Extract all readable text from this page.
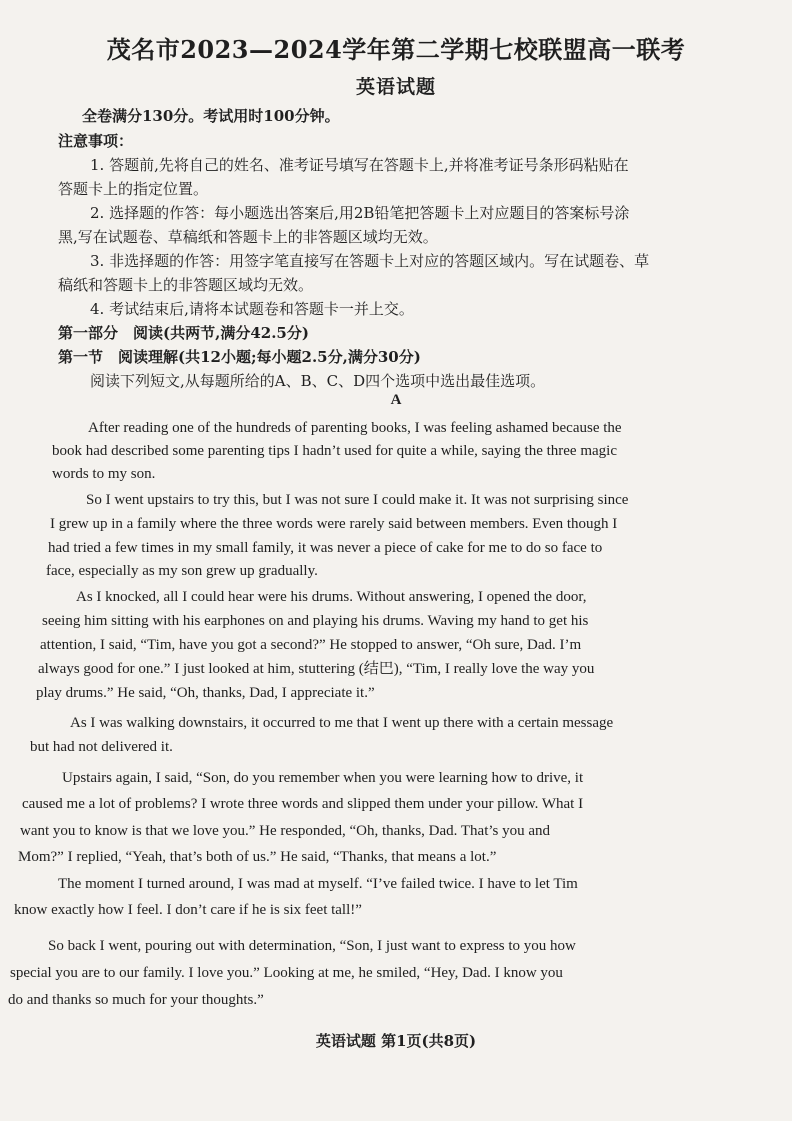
茂名市2023—2024学年第二学期七校联盟高一联考
英语试题
全卷满分130分。考试用时100分钟。
注意事项：
1. 答题前,先将自己的姓名、准考证号填写在答题卡上,并将准考证号条形码粘贴在
答题卡上的指定位置。
2. 选择题的作答：每小题选出答案后,用2B铅笔把答题卡上对应题目的答案标号涂
黑,写在试题卷、草稿纸和答题卡上的非答题区域均无效。
3. 非选择题的作答：用签字笔直接写在答题卡上对应的答题区域内。写在试题卷、草
稿纸和答题卡上的非答题区域均无效。
4. 考试结束后,请将本试题卷和答题卡一并上交。
第一部分　阅读(共两节,满分42.5分)
第一节　阅读理解(共12小题;每小题2.5分,满分30分)
阅读下列短文,从每题所给的A、B、C、D四个选项中选出最佳选项。
A
After reading one of the hundreds of parenting books, I was feeling ashamed because the
book had described some parenting tips I hadn’t used for quite a while, saying the three magic
words to my son.
So I went upstairs to try this, but I was not sure I could make it. It was not surprising since
I grew up in a family where the three words were rarely said between members. Even though I
had tried a few times in my small family, it was never a piece of cake for me to do so face to
face, especially as my son grew up gradually.
As I knocked, all I could hear were his drums. Without answering, I opened the door,
seeing him sitting with his earphones on and playing his drums. Waving my hand to get his
attention, I said, “Tim, have you got a second?” He stopped to answer, “Oh sure, Dad. I’m
always good for one.” I just looked at him, stuttering (结巴), “Tim, I really love the way you
play drums.” He said, “Oh, thanks, Dad, I appreciate it.”
As I was walking downstairs, it occurred to me that I went up there with a certain message
but had not delivered it.
Upstairs again, I said, “Son, do you remember when you were learning how to drive, it
caused me a lot of problems? I wrote three words and slipped them under your pillow. What I
want you to know is that we love you.” He responded, “Oh, thanks, Dad. That’s you and
Mom?” I replied, “Yeah, that’s both of us.” He said, “Thanks, that means a lot.”
The moment I turned around, I was mad at myself. “I’ve failed twice. I have to let Tim
know exactly how I feel. I don’t care if he is six feet tall!”
So back I went, pouring out with determination, “Son, I just want to express to you how
special you are to our family. I love you.” Looking at me, he smiled, “Hey, Dad. I know you
do and thanks so much for your thoughts.”
英语试题 第1页(共8页)
